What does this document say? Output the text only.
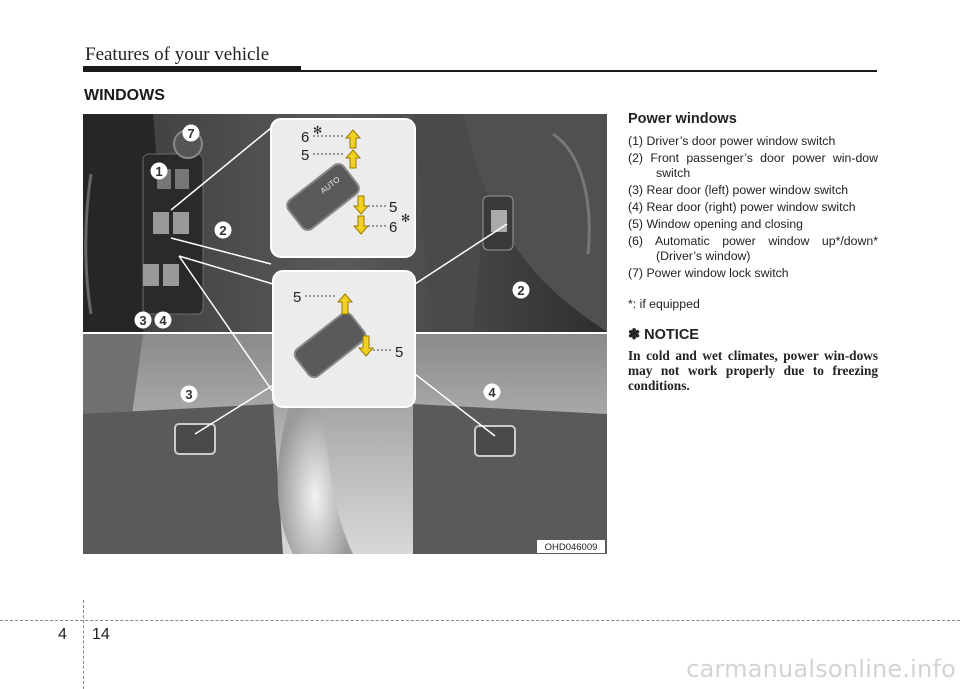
Features of your vehicle
WINDOWS
6
5
5
6
✻
✻
AUTO
5
5
7
1
2
3 4
2
3	4
OHD046009
Power windows
(1) Driver’s door power window switch
(2) Front passenger’s door power win-dow switch
(3) Rear door (left) power window switch
(4) Rear door (right) power window switch
(5) Window opening and closing
(6) Automatic power window up*/down* (Driver’s window)
(7) Power window lock switch
*: if equipped
✽ NOTICE
In cold and wet climates, power win-dows may not work properly due to freezing conditions.
4 14
carmanualsonline.info
